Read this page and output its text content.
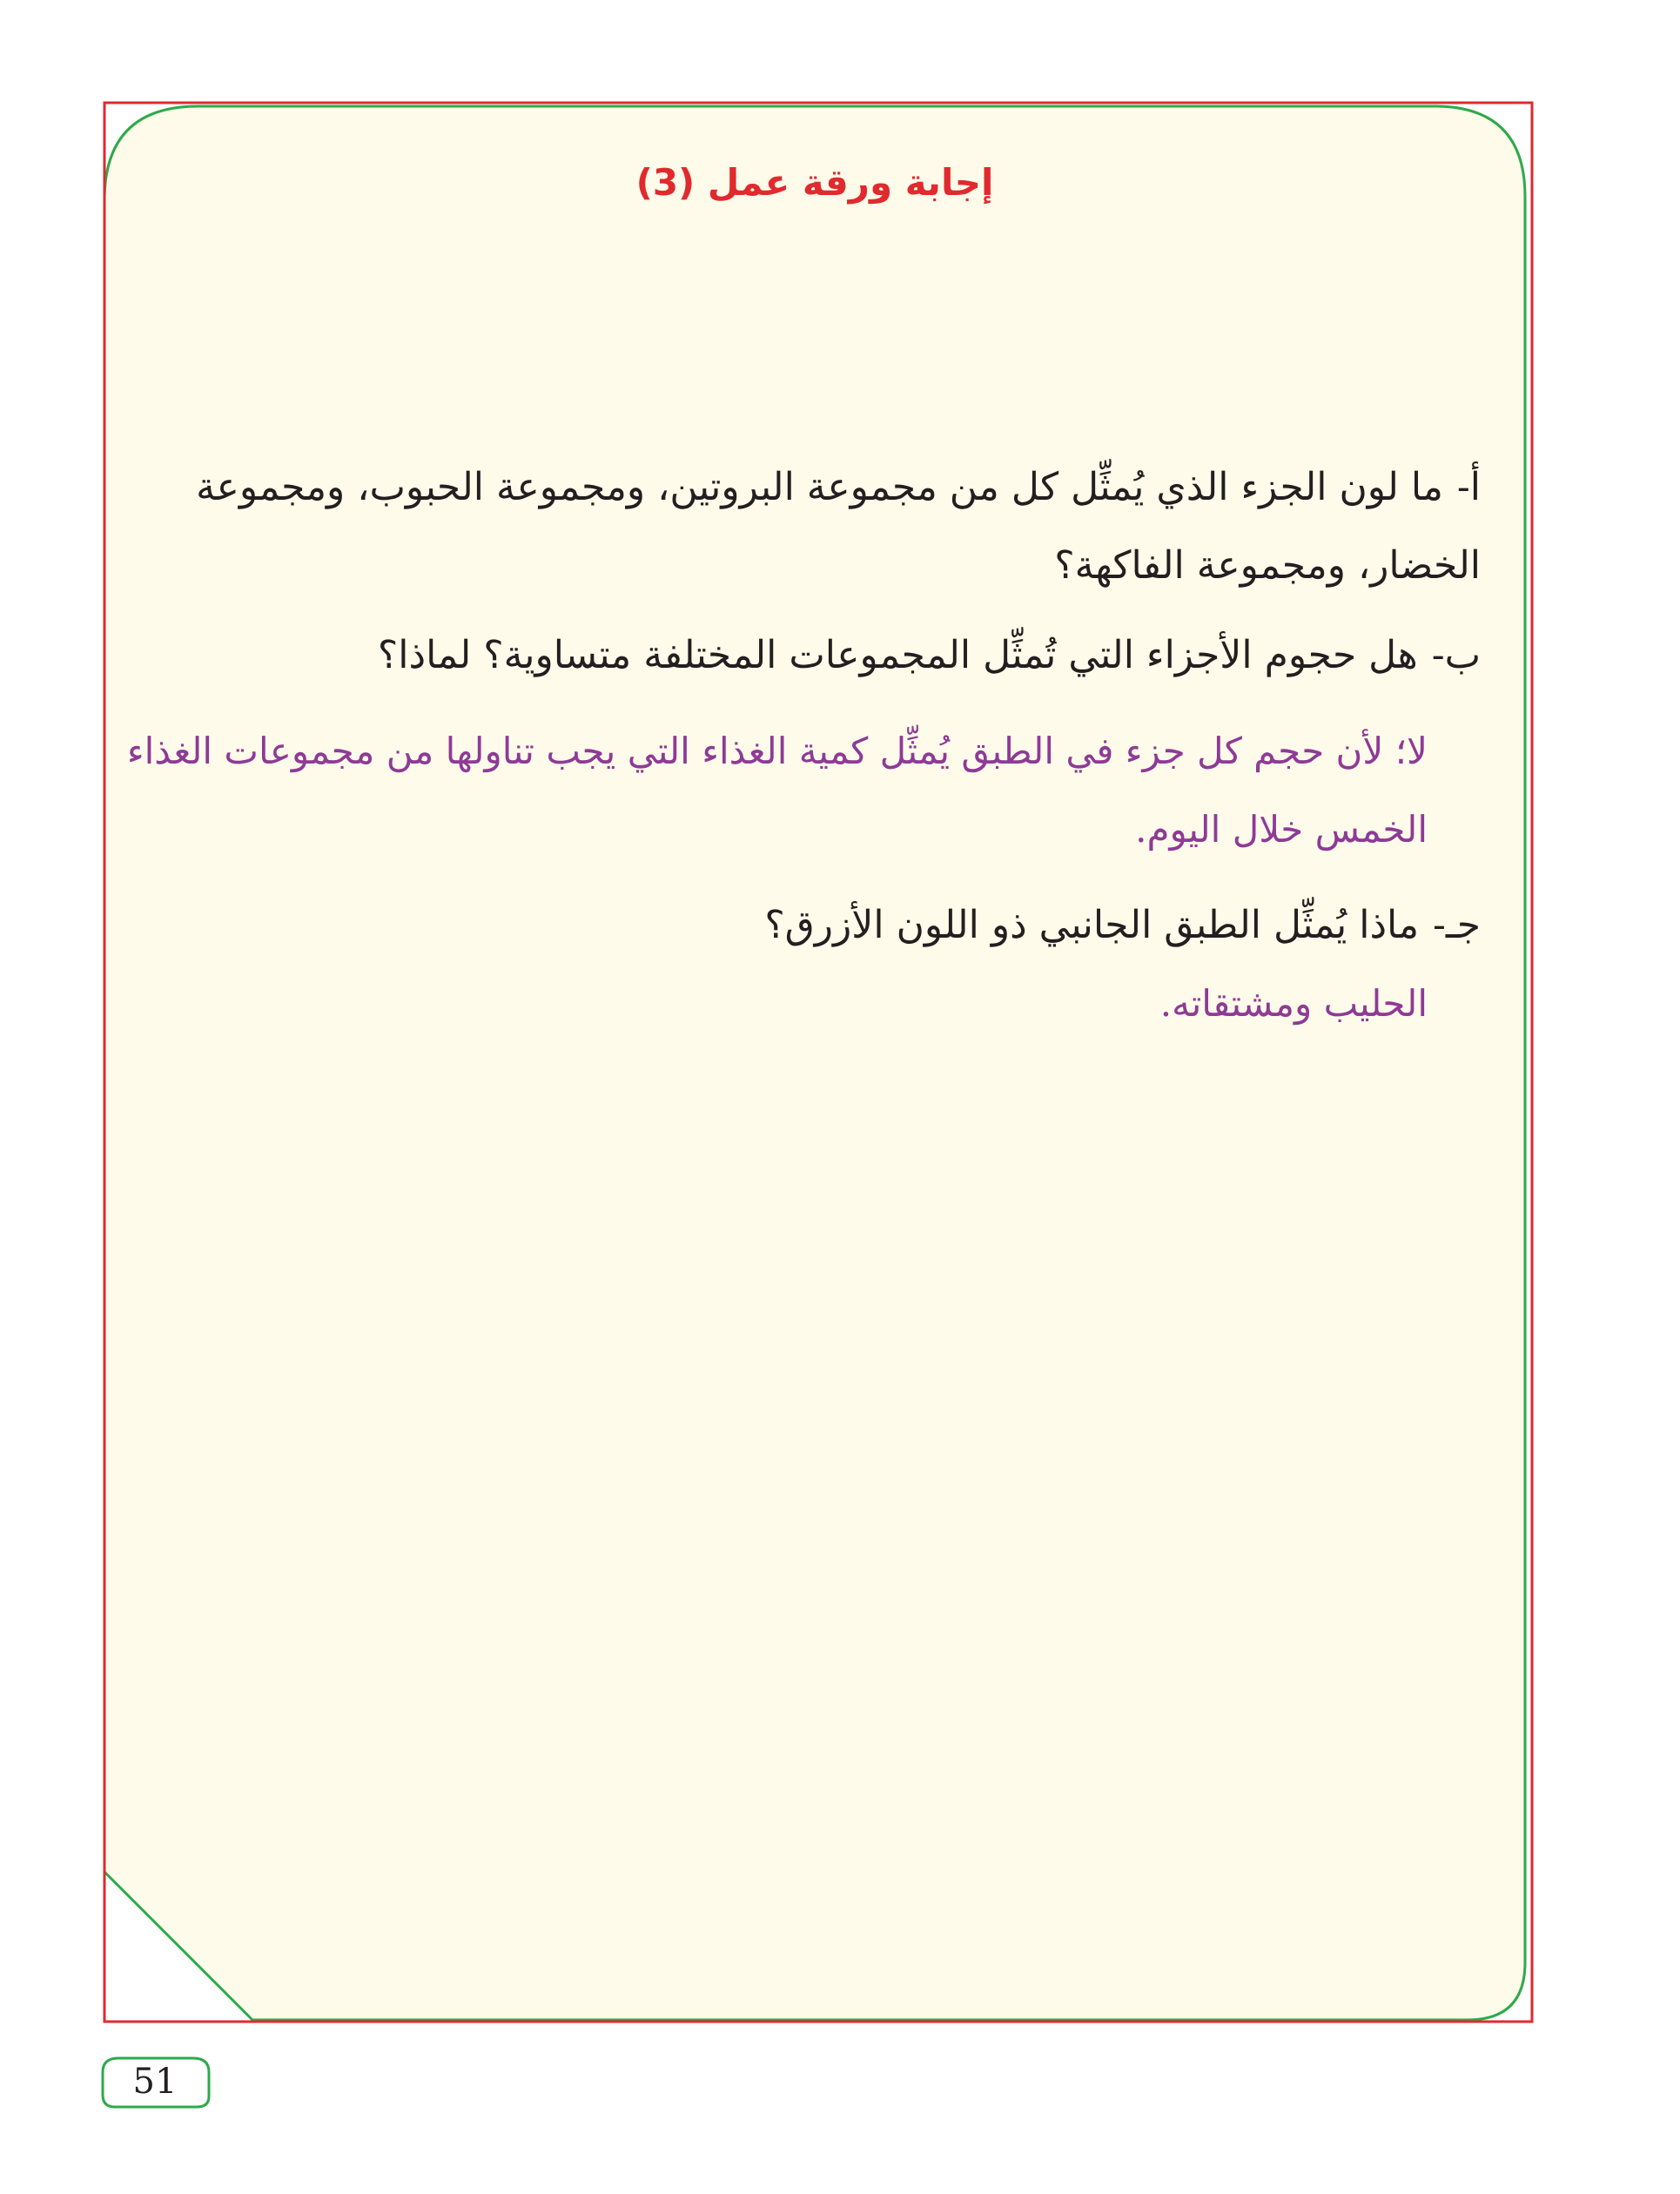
إجابة ورقة عمل (3)
أ-ما لون الجزء الذي يُمثِّل كل من مجموعة البروتين، ومجموعة الحبوب، ومجموعة الخضار، ومجموعة الفاكهة؟
ب-هل حجوم الأجزاء التي تُمثِّل المجموعات المختلفة متساوية؟ لماذا؟
لا؛ لأن حجم كل جزء في الطبق يُمثِّل كمية الغذاء التي يجب تناولها من مجموعات الغذاء الخمس خلال اليوم.
جـ-ماذا يُمثِّل الطبق الجانبي ذو اللون الأزرق؟
الحليب ومشتقاته.
51
